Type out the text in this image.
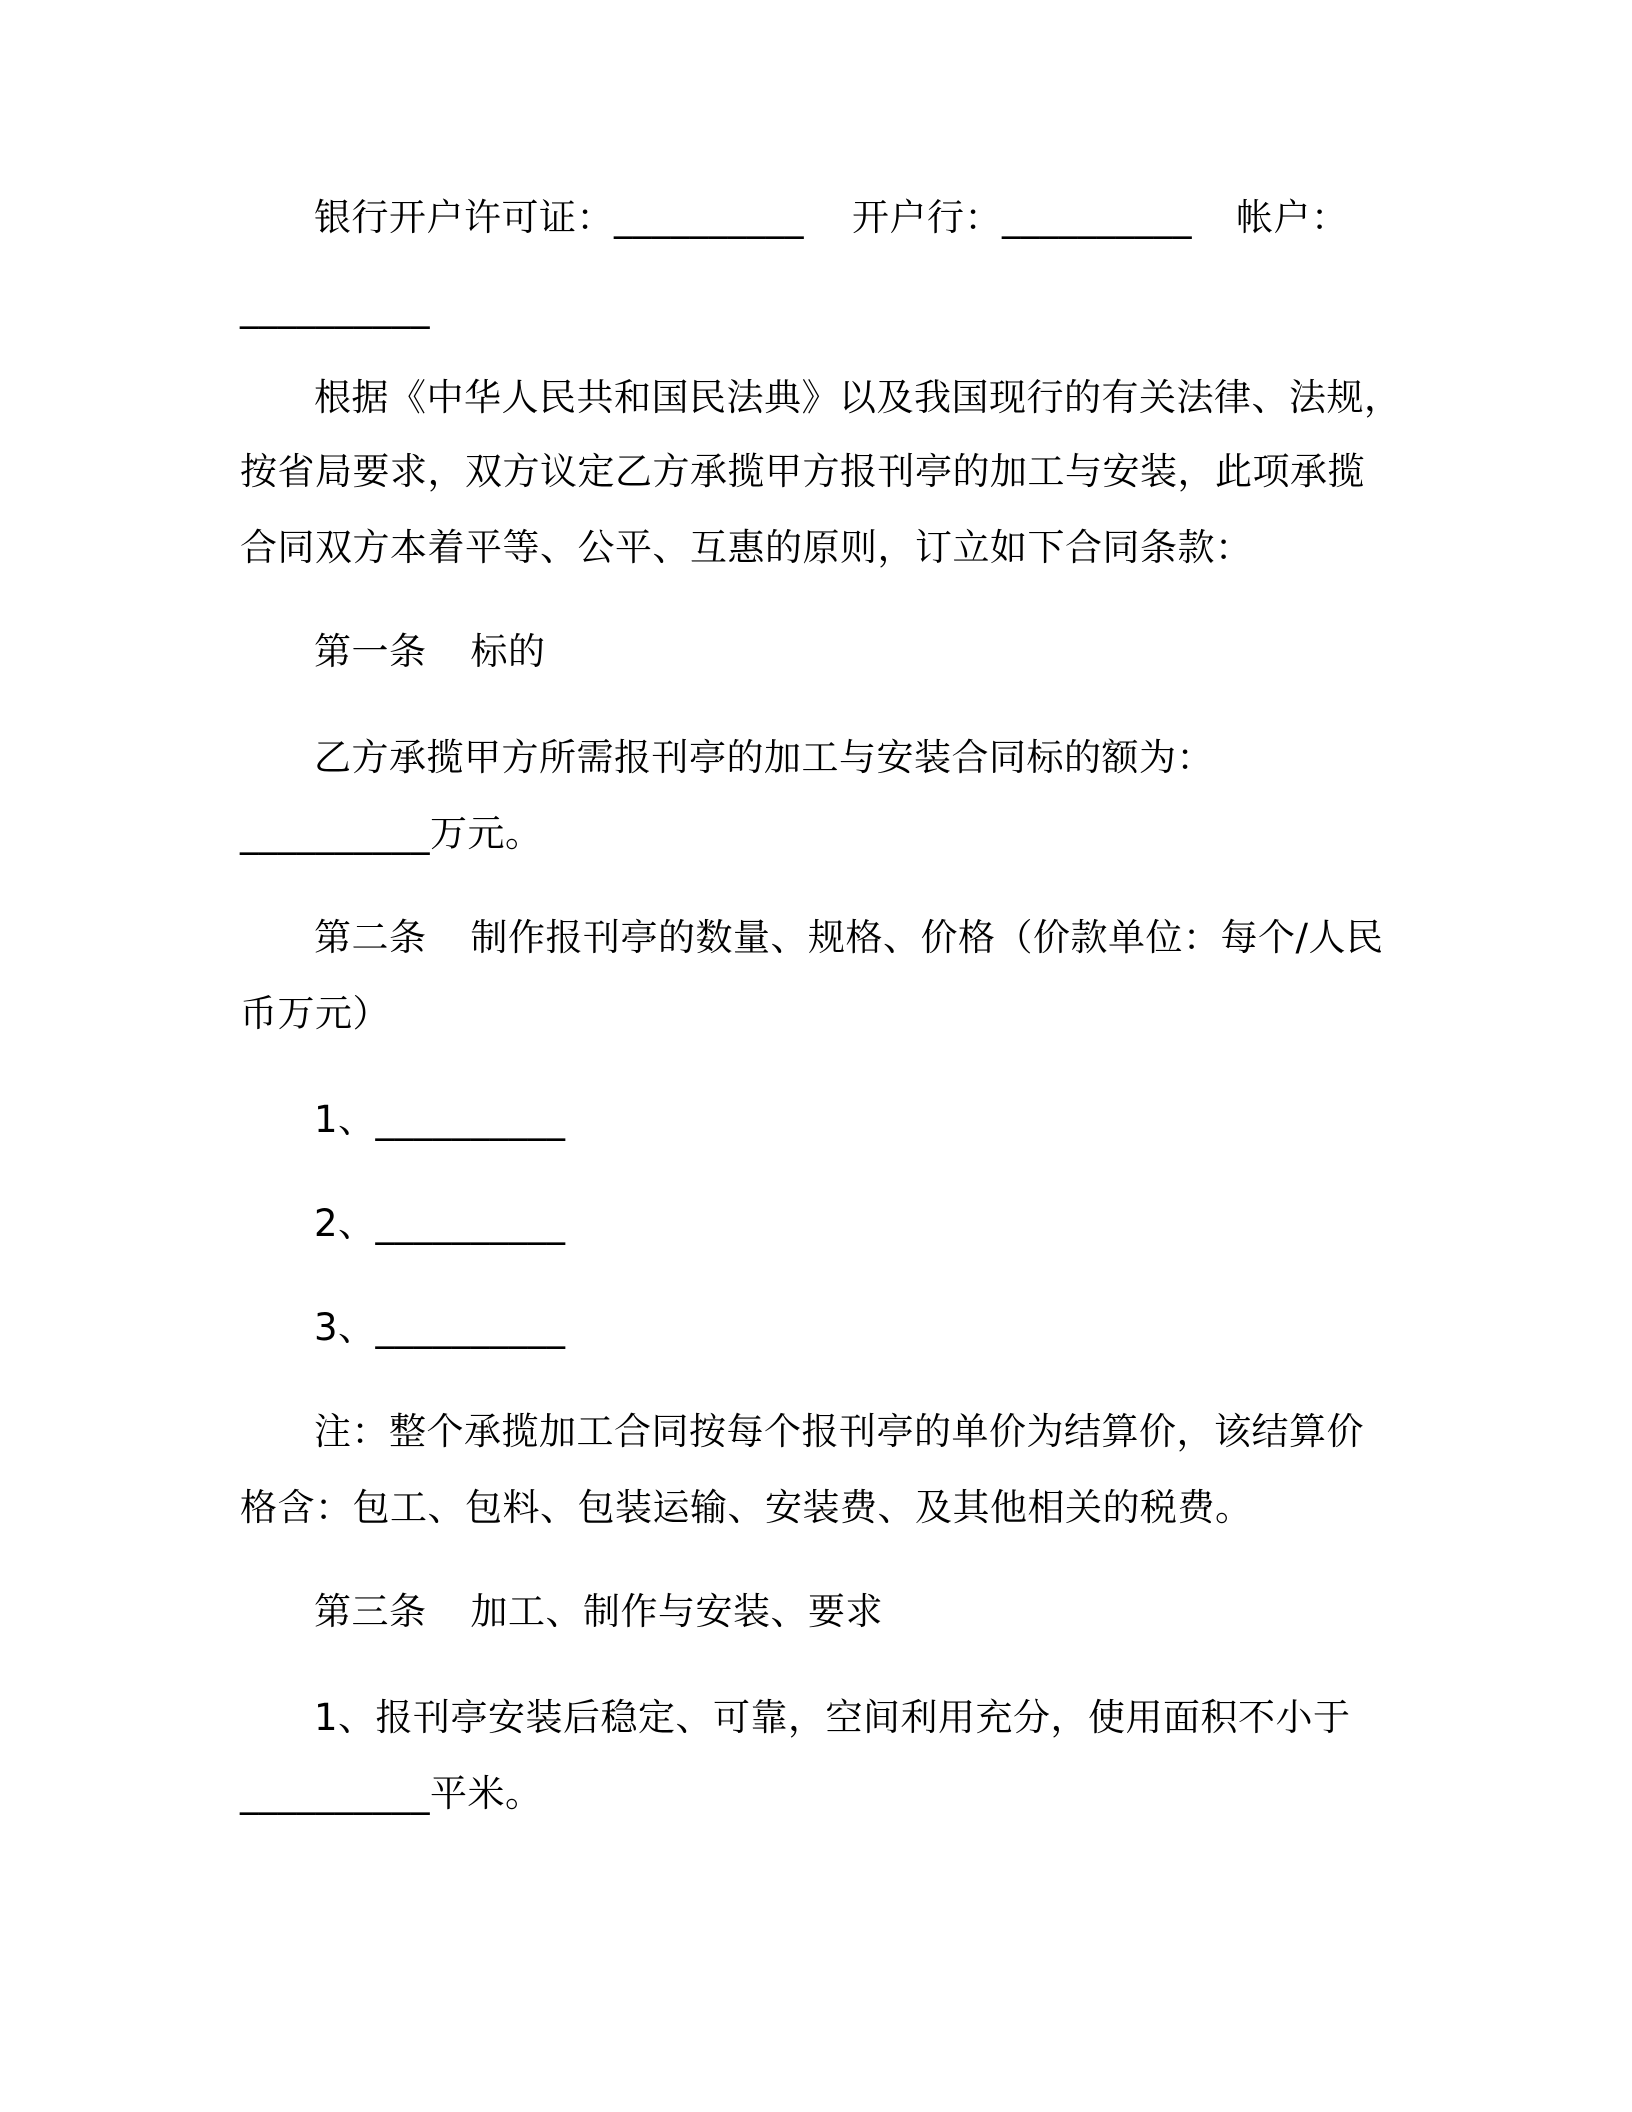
银行开户许可证：__________ 开户行：__________ 帐户：

__________

根据《中华人民共和国民法典》以及我国现行的有关法律、法规，

按省局要求，双方议定乙方承揽甲方报刊亭的加工与安装，此项承揽

合同双方本着平等、公平、互惠的原则，订立如下合同条款：

第一条 标的

乙方承揽甲方所需报刊亭的加工与安装合同标的额为：

__________万元。

第二条 制作报刊亭的数量、规格、价格（价款单位：每个/人民

币万元）

1、__________

2、__________

3、__________

注：整个承揽加工合同按每个报刊亭的单价为结算价，该结算价

格含：包工、包料、包装运输、安装费、及其他相关的税费。

第三条 加工、制作与安装、要求

1、报刊亭安装后稳定、可靠，空间利用充分，使用面积不小于

__________平米。
